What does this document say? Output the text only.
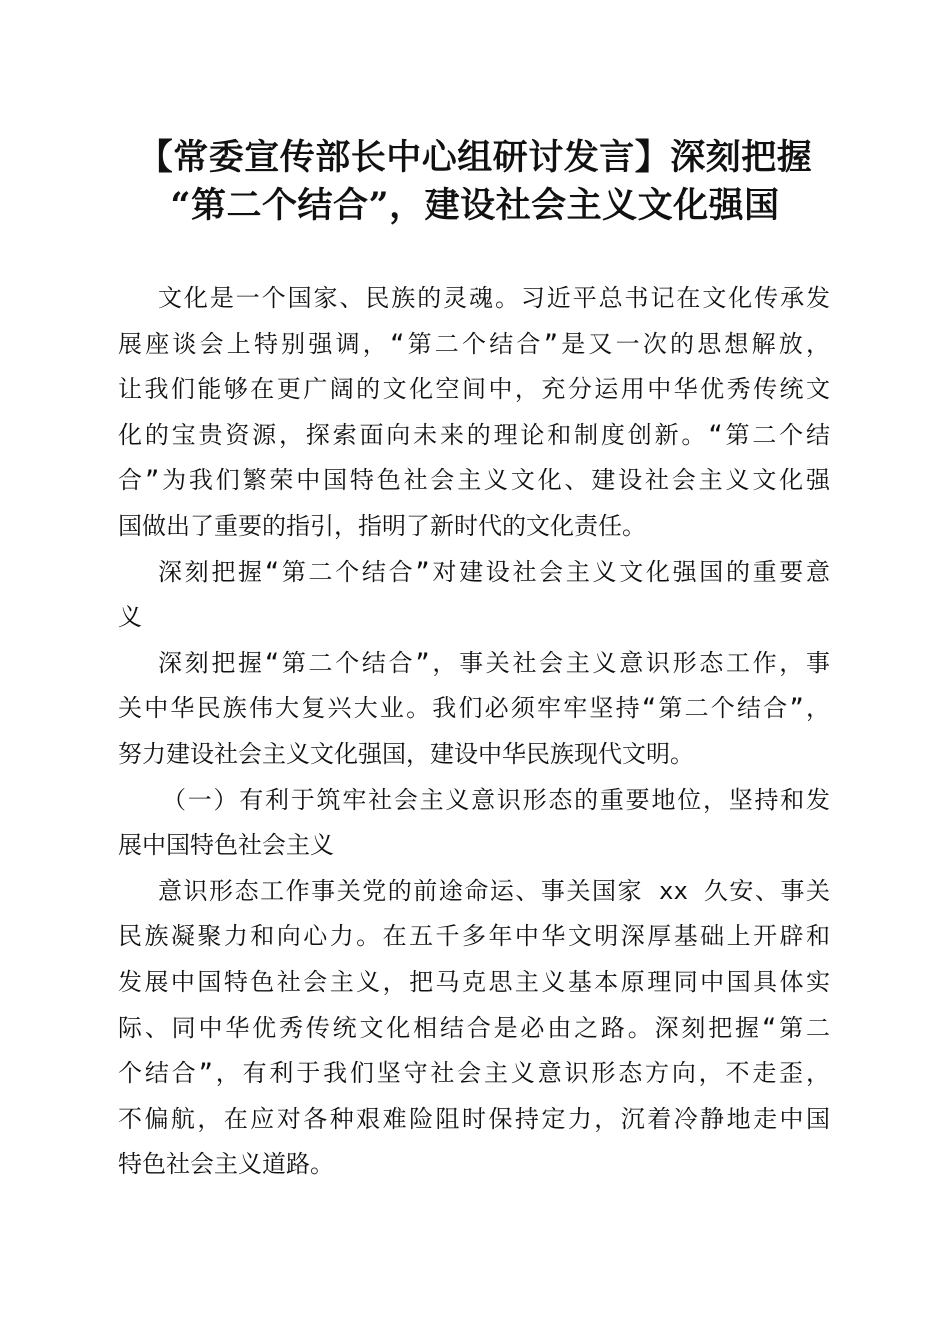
【常委宣传部长中心组研讨发言】深刻把握
“第二个结合”，建设社会主义文化强国
文化是一个国家、民族的灵魂。习近平总书记在文化传承发
展座谈会上特别强调，“第二个结合”是又一次的思想解放，
让我们能够在更广阔的文化空间中，充分运用中华优秀传统文
化的宝贵资源，探索面向未来的理论和制度创新。“第二个结
合”为我们繁荣中国特色社会主义文化、建设社会主义文化强
国做出了重要的指引，指明了新时代的文化责任。
深刻把握“第二个结合”对建设社会主义文化强国的重要意
义
深刻把握“第二个结合”，事关社会主义意识形态工作，事
关中华民族伟大复兴大业。我们必须牢牢坚持“第二个结合”，
努力建设社会主义文化强国，建设中华民族现代文明。
（一）有利于筑牢社会主义意识形态的重要地位，坚持和发
展中国特色社会主义
意识形态工作事关党的前途命运、事关国家 xx 久安、事关
民族凝聚力和向心力。在五千多年中华文明深厚基础上开辟和
发展中国特色社会主义，把马克思主义基本原理同中国具体实
际、同中华优秀传统文化相结合是必由之路。深刻把握“第二
个结合”，有利于我们坚守社会主义意识形态方向，不走歪，
不偏航，在应对各种艰难险阻时保持定力，沉着冷静地走中国
特色社会主义道路。
